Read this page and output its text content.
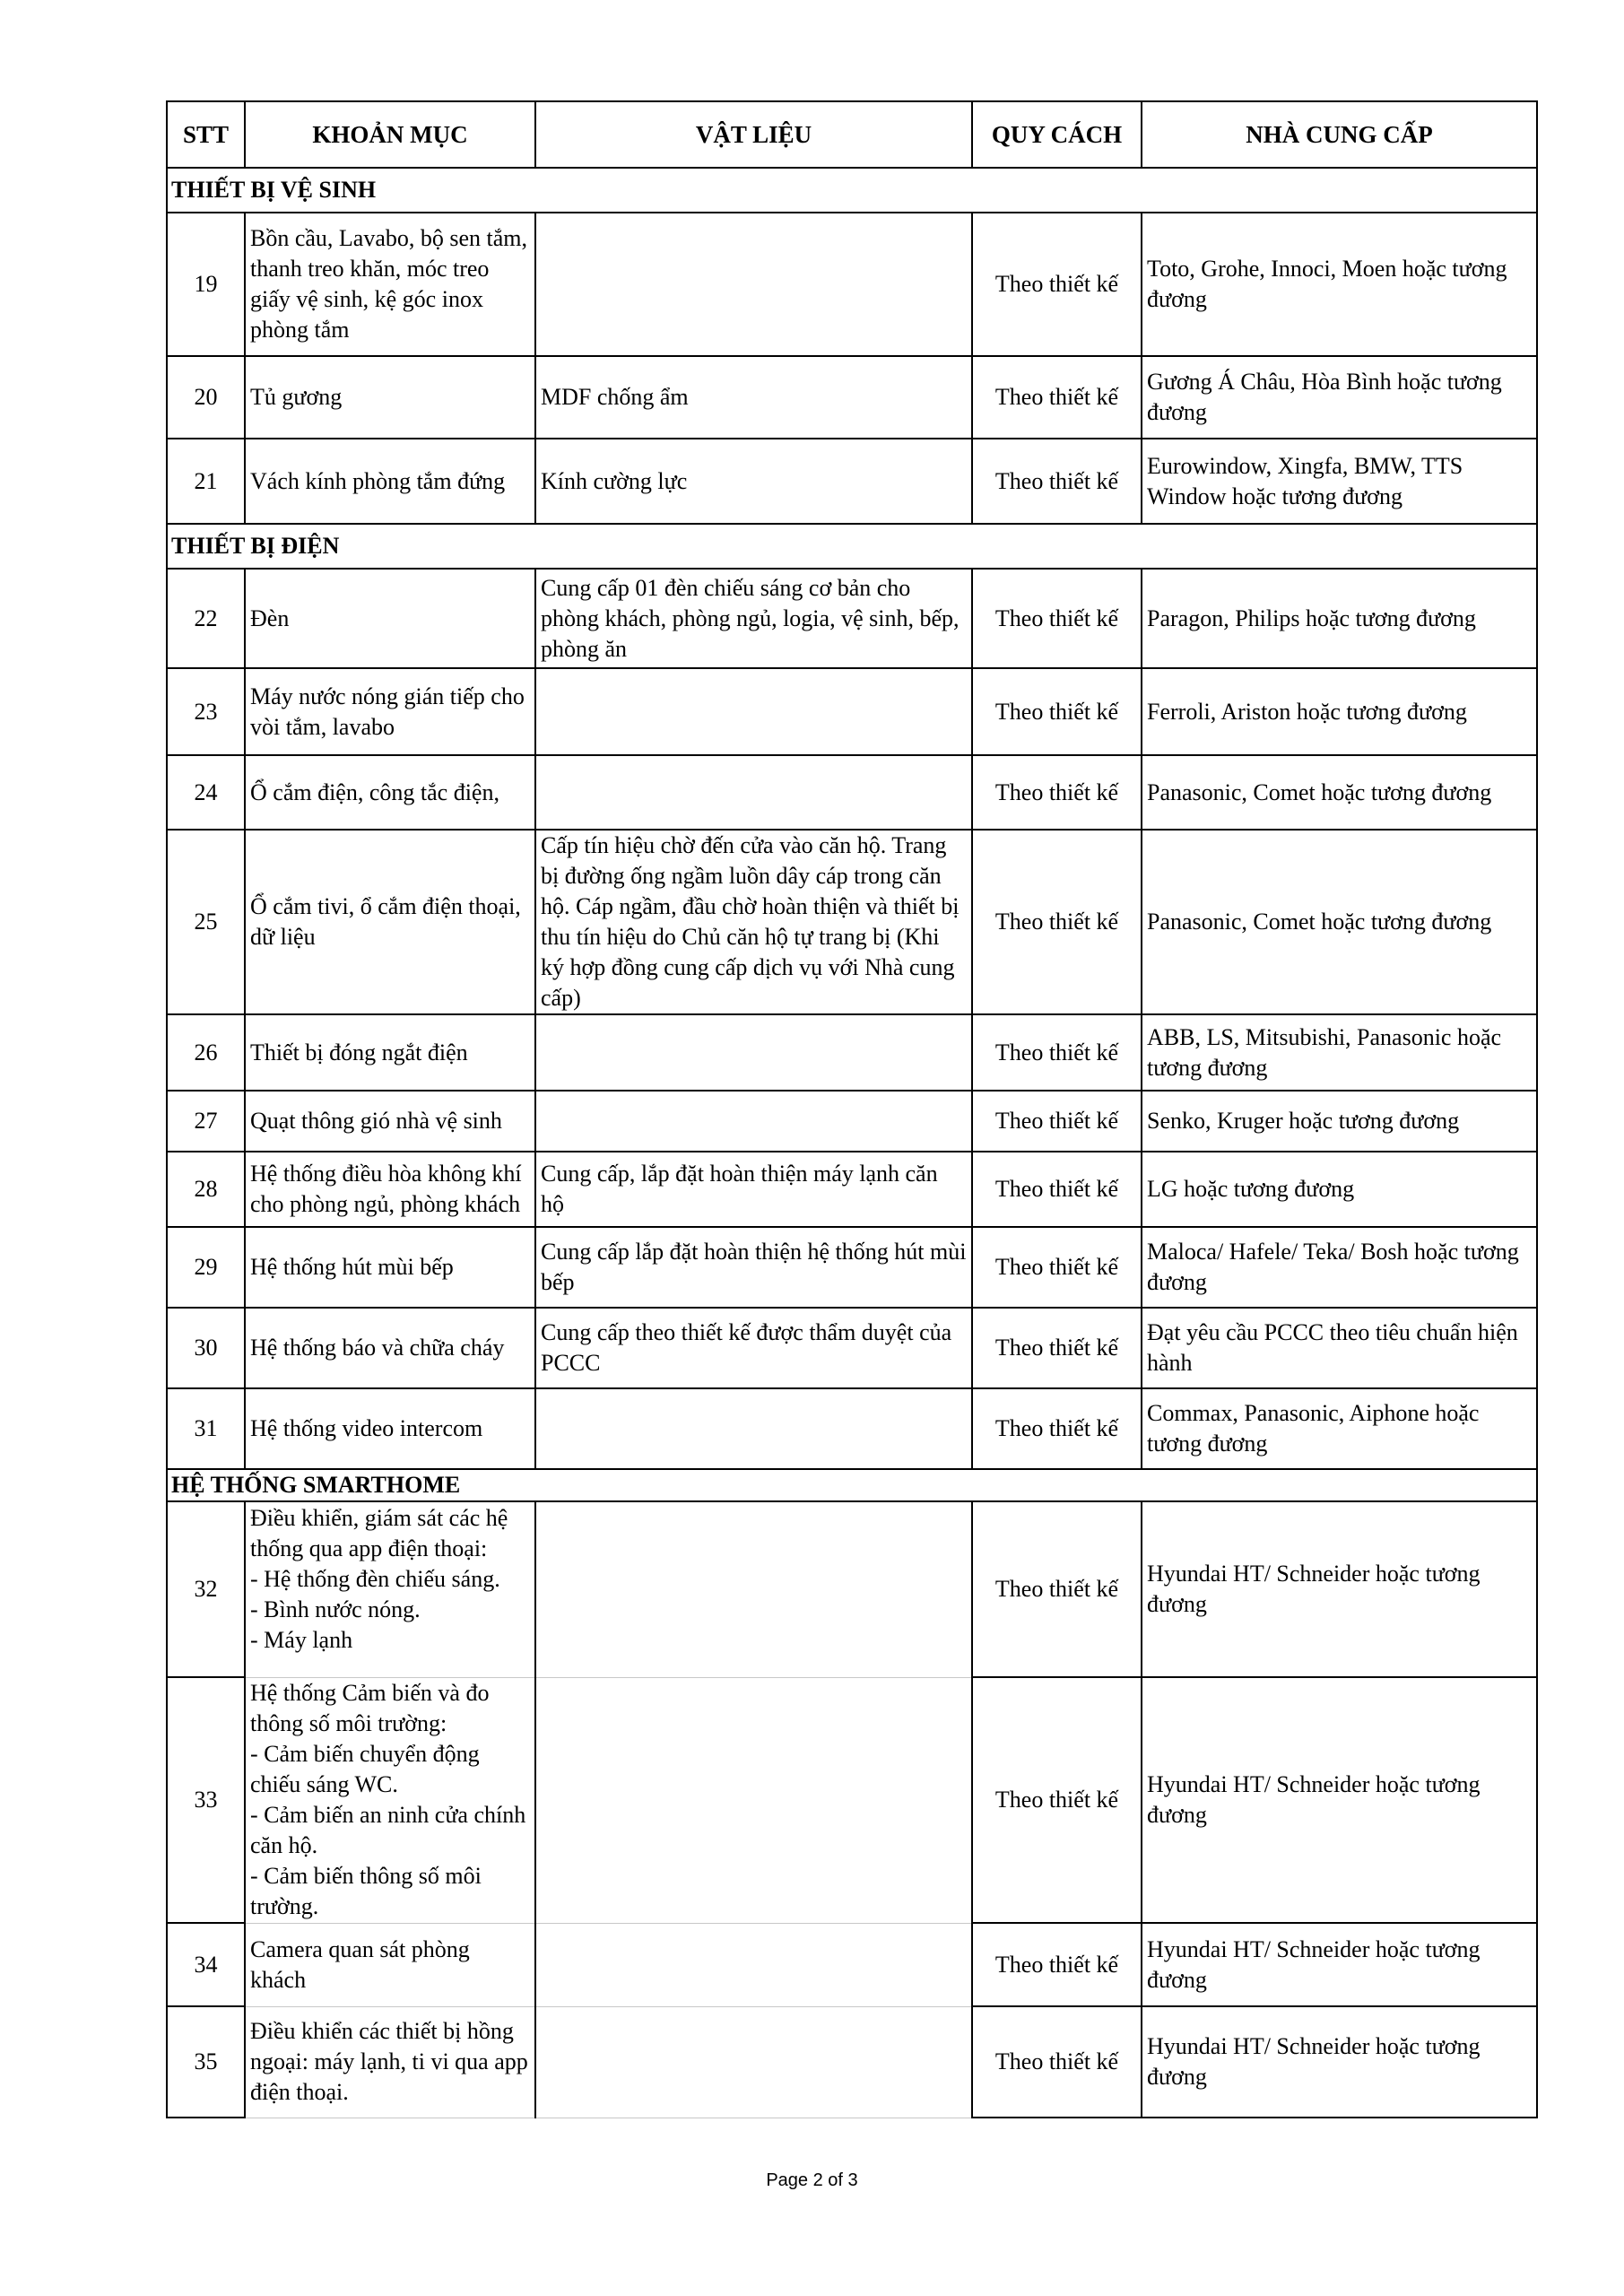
STT	KHOẢN MỤC	VẬT LIỆU	QUY CÁCH	NHÀ CUNG CẤP
THIẾT BỊ VỆ SINH				
19	Bồn cầu, Lavabo, bộ sen tắm, thanh treo khăn, móc treo giấy vệ sinh, kệ góc inox phòng tắm		Theo thiết kế	Toto, Grohe, Innoci, Moen hoặc tương đương
20	Tủ gương	MDF chống ẩm	Theo thiết kế	Gương Á Châu, Hòa Bình hoặc tương đương
21	Vách kính phòng tắm đứng	Kính cường lực	Theo thiết kế	Eurowindow, Xingfa, BMW, TTS Window hoặc tương đương
THIẾT BỊ ĐIỆN				
22	Đèn	Cung cấp 01 đèn chiếu sáng cơ bản cho phòng khách, phòng ngủ, logia, vệ sinh, bếp, phòng ăn	Theo thiết kế	Paragon, Philips hoặc tương đương
23	Máy nước nóng gián tiếp cho vòi tắm, lavabo		Theo thiết kế	Ferroli, Ariston hoặc tương đương
24	Ổ cắm điện, công tắc điện,		Theo thiết kế	Panasonic, Comet hoặc tương đương
25	Ổ cắm tivi, ổ cắm điện thoại, dữ liệu	Cấp tín hiệu chờ đến cửa vào căn hộ. Trang bị đường ống ngầm luồn dây cáp trong căn hộ. Cáp ngầm, đầu chờ hoàn thiện và thiết bị thu tín hiệu do Chủ căn hộ tự trang bị (Khi ký hợp đồng cung cấp dịch vụ với Nhà cung cấp)	Theo thiết kế	Panasonic, Comet hoặc tương đương
26	Thiết bị đóng ngắt điện		Theo thiết kế	ABB, LS, Mitsubishi, Panasonic hoặc tương đương
27	Quạt thông gió nhà vệ sinh		Theo thiết kế	Senko, Kruger hoặc tương đương
28	Hệ thống điều hòa không khí cho phòng ngủ, phòng khách	Cung cấp, lắp đặt hoàn thiện máy lạnh căn hộ	Theo thiết kế	LG hoặc tương đương
29	Hệ thống hút mùi bếp	Cung cấp lắp đặt hoàn thiện hệ thống hút mùi bếp	Theo thiết kế	Maloca/ Hafele/ Teka/ Bosh hoặc tương đương
30	Hệ thống báo và chữa cháy	Cung cấp theo thiết kế được thẩm duyệt của PCCC	Theo thiết kế	Đạt yêu cầu PCCC theo tiêu chuẩn hiện hành
31	Hệ thống video intercom		Theo thiết kế	Commax, Panasonic, Aiphone hoặc tương đương
HỆ THỐNG SMARTHOME				
32	Điều khiển, giám sát các hệ thống qua app điện thoại:
- Hệ thống đèn chiếu sáng.
- Bình nước nóng.
- Máy lạnh		Theo thiết kế	Hyundai HT/ Schneider hoặc tương đương
33	Hệ thống Cảm biến và đo thông số môi trường:
- Cảm biến chuyển động chiếu sáng WC.
- Cảm biến an ninh cửa chính căn hộ.
- Cảm biến thông số môi trường.		Theo thiết kế	Hyundai HT/ Schneider hoặc tương đương
34	Camera quan sát phòng khách		Theo thiết kế	Hyundai HT/ Schneider hoặc tương đương
35	Điều khiển các thiết bị hồng ngoại: máy lạnh, ti vi qua app điện thoại.		Theo thiết kế	Hyundai HT/ Schneider hoặc tương đương
Page 2 of 3
